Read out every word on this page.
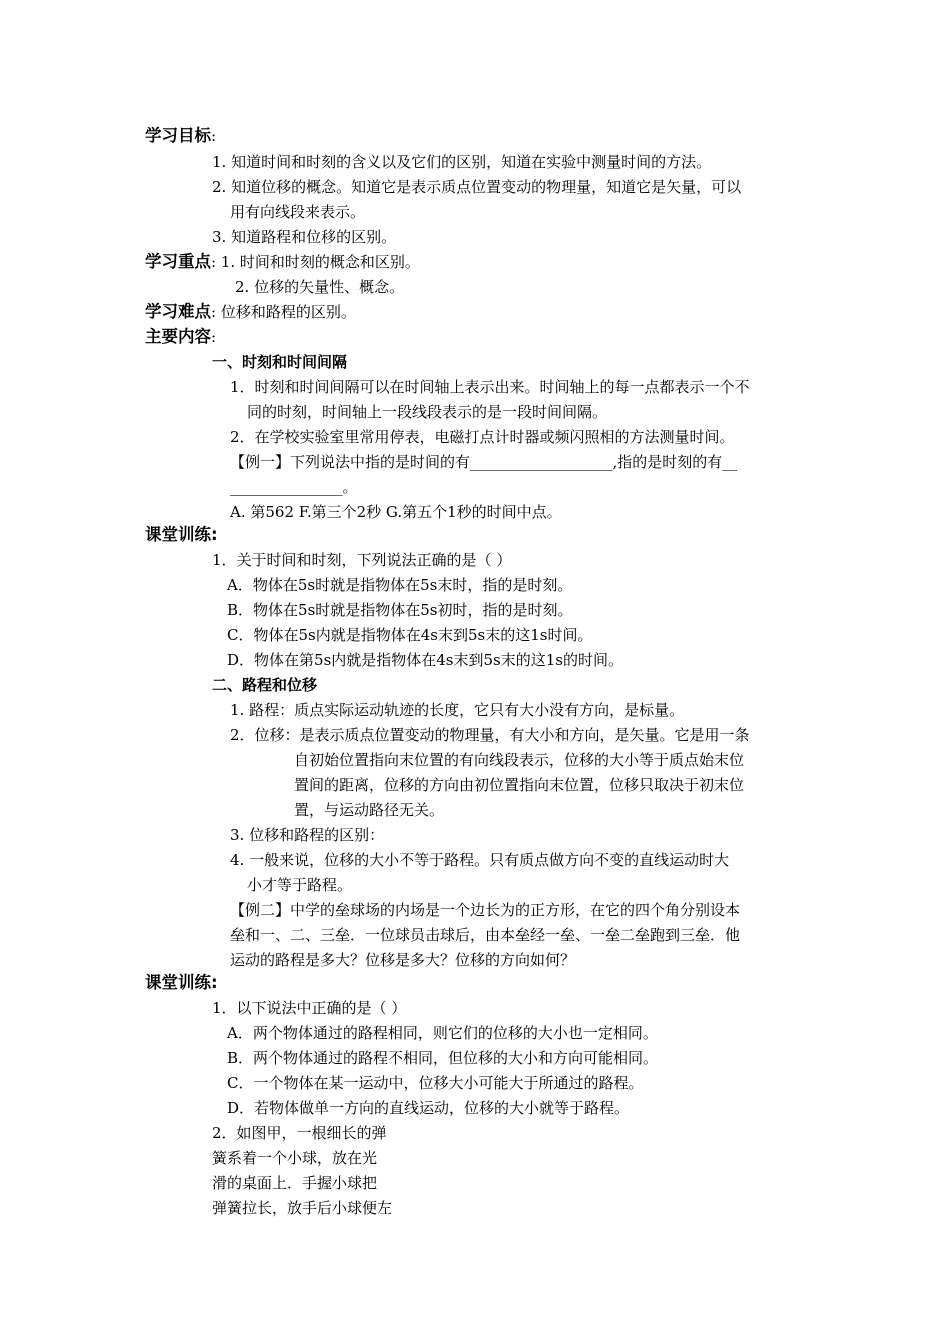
学习目标:
1. 知道时间和时刻的含义以及它们的区别，知道在实验中测量时间的方法。
2. 知道位移的概念。知道它是表示质点位置变动的物理量，知道它是矢量，可以
用有向线段来表示。
3. 知道路程和位移的区别。
学习重点: 1. 时间和时刻的概念和区别。
2. 位移的矢量性、概念。
学习难点: 位移和路程的区别。
主要内容:
一、时刻和时间间隔
1．时刻和时间间隔可以在时间轴上表示出来。时间轴上的每一点都表示一个不
同的时刻，时间轴上一段线段表示的是一段时间间隔。
2．在学校实验室里常用停表，电磁打点计时器或频闪照相的方法测量时间。
【例一】下列说法中指的是时间的有___________________,指的是时刻的有__
_______________。
A. 第562 F.第三个2秒 G.第五个1秒的时间中点。
课堂训练:
1．关于时间和时刻，下列说法正确的是（ ）
A．物体在5s时就是指物体在5s末时，指的是时刻。
B．物体在5s时就是指物体在5s初时，指的是时刻。
C．物体在5s内就是指物体在4s末到5s末的这1s时间。
D．物体在第5s内就是指物体在4s末到5s末的这1s的时间。
二、路程和位移
1. 路程：质点实际运动轨迹的长度，它只有大小没有方向，是标量。
2．位移：是表示质点位置变动的物理量，有大小和方向，是矢量。它是用一条
自初始位置指向末位置的有向线段表示，位移的大小等于质点始末位
置间的距离，位移的方向由初位置指向末位置，位移只取决于初末位
置，与运动路径无关。
3. 位移和路程的区别：
4. 一般来说，位移的大小不等于路程。只有质点做方向不变的直线运动时大
小才等于路程。
【例二】中学的垒球场的内场是一个边长为的正方形，在它的四个角分别设本
垒和一、二、三垒．一位球员击球后，由本垒经一垒、一垒二垒跑到三垒．他
运动的路程是多大？位移是多大？位移的方向如何？
课堂训练:
1．以下说法中正确的是（ ）
A．两个物体通过的路程相同，则它们的位移的大小也一定相同。
B．两个物体通过的路程不相同，但位移的大小和方向可能相同。
C．一个物体在某一运动中，位移大小可能大于所通过的路程。
D．若物体做单一方向的直线运动，位移的大小就等于路程。
2．如图甲，一根细长的弹
簧系着一个小球，放在光
滑的桌面上．手握小球把
弹簧拉长，放手后小球便左
